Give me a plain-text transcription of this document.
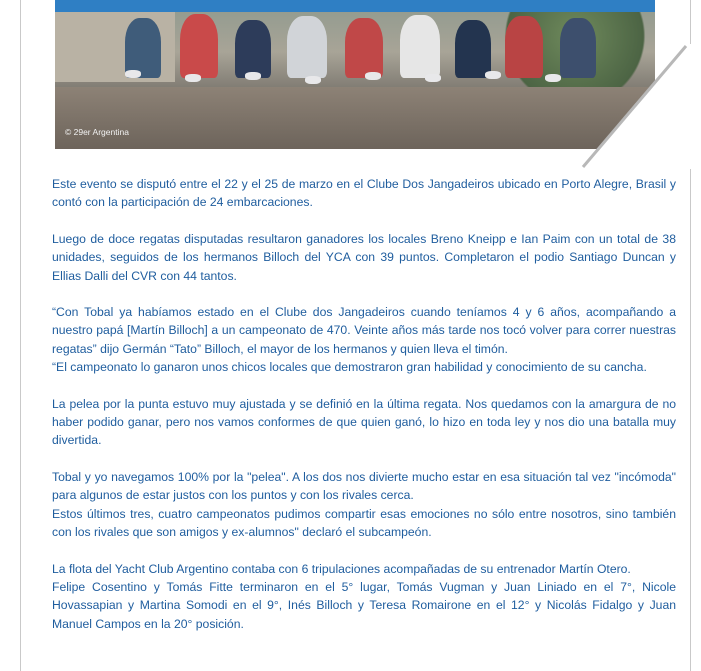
© 29er Argentina

Este evento se disputó entre el 22 y el 25 de marzo en el Clube Dos Jangadeiros ubicado en Porto Alegre, Brasil y contó con la participación de 24 embarcaciones.

Luego de doce regatas disputadas resultaron ganadores los locales Breno Kneipp e Ian Paim con un total de 38 unidades, seguidos de los hermanos Billoch del YCA con 39 puntos. Completaron el podio Santiago Duncan y Ellias Dalli del CVR con 44 tantos.

“Con Tobal ya habíamos estado en el Clube dos Jangadeiros cuando teníamos 4 y 6 años, acompañando a nuestro papá [Martín Billoch] a un campeonato de 470. Veinte años más tarde nos tocó volver para correr nuestras regatas” dijo Germán “Tato” Billoch, el mayor de los hermanos y quien lleva el timón.
“El campeonato lo ganaron unos chicos locales que demostraron gran habilidad y conocimiento de su cancha.

La pelea por la punta estuvo muy ajustada y se definió en la última regata. Nos quedamos con la amargura de no haber podido ganar, pero nos vamos conformes de que quien ganó, lo hizo en toda ley y nos dio una batalla muy divertida.

Tobal y yo navegamos 100% por la "pelea". A los dos nos divierte mucho estar en esa situación tal vez "incómoda" para algunos de estar justos con los puntos y con los rivales cerca.
Estos últimos tres, cuatro campeonatos pudimos compartir esas emociones no sólo entre nosotros, sino también con los rivales que son amigos y ex-alumnos" declaró el subcampeón.

La flota del Yacht Club Argentino contaba con 6 tripulaciones acompañadas de su entrenador Martín Otero.
Felipe Cosentino y Tomás Fitte terminaron en el 5° lugar, Tomás Vugman y Juan Liniado en el 7°, Nicole Hovassapian y Martina Somodi en el 9°, Inés Billoch y Teresa Romairone en el 12° y Nicolás Fidalgo y Juan Manuel Campos en la 20° posición.
